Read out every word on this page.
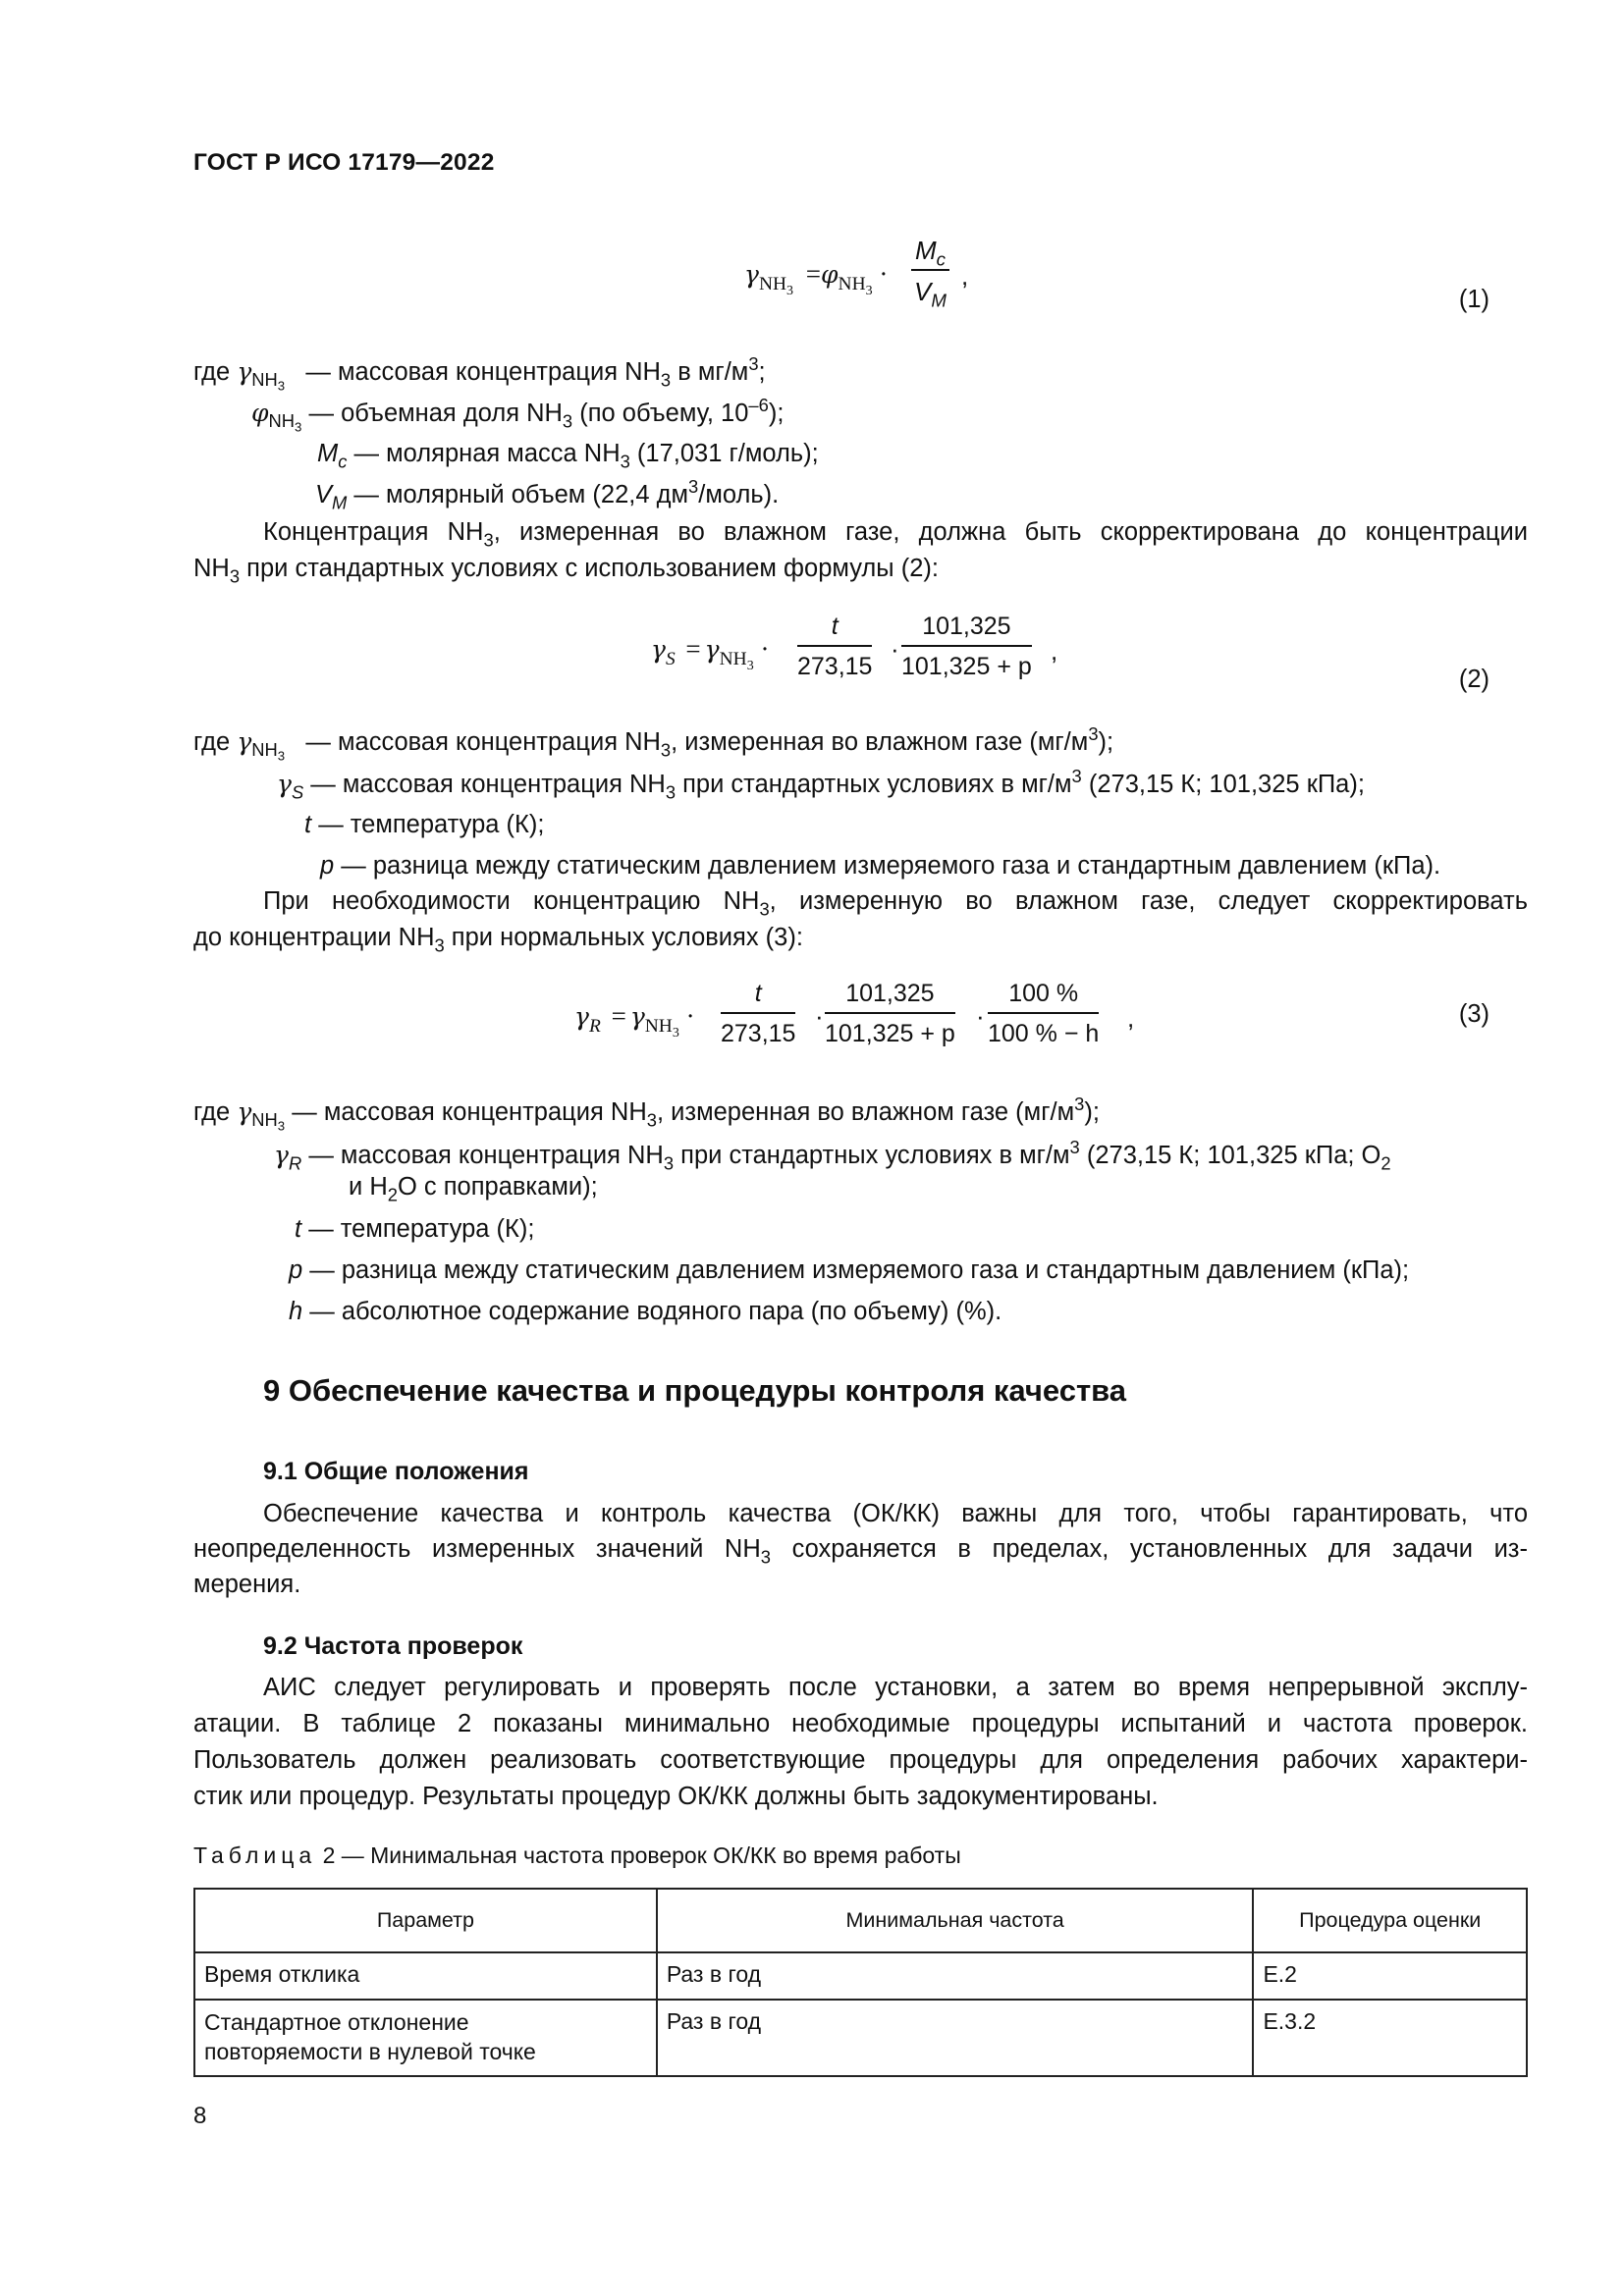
ГОСТ Р ИСО 17179—2022
$\gamma_{NH_3} =\varphi_{NH_3} \cdot \frac{M_c}{V_M}$ ,
(1)
где $\gamma_{NH_3}$   — массовая концентрация $NH_3$ в $мг/м^3$;
$\varphi_{NH_3}$ — объемная доля $NH_3$ (по объему, $10^{-6}$);
$M_c$ — молярная масса $NH_3$ (17,031 г/моль);
$V_M$ — молярный объем (22,4 $дм^3/моль$).
Концентрация $NH_3$, измеренная во влажном газе, должна быть скорректирована до концентрации
$NH_3$ при стандартных условиях с использованием формулы (2):
$\gamma_S = \gamma_{NH_3} \cdot \frac{t}{273,15} \cdot \frac{101,325}{101,325 + p}$ ,
(2)
где $\gamma_{NH_3}$   — массовая концентрация $NH_3$, измеренная во влажном газе $(мг/м^3)$;
$\gamma_S$ — массовая концентрация $NH_3$ при стандартных условиях в $мг/м^3$ (273,15 К; 101,325 кПа);
t — температура (К);
p — разница между статическим давлением измеряемого газа и стандартным давлением (кПа).
При необходимости концентрацию $NH_3$, измеренную во влажном газе, следует скорректировать
до концентрации $NH_3$ при нормальных условиях (3):
$\gamma_R = \gamma_{NH_3} \cdot \frac{t}{273,15} \cdot \frac{101,325}{101,325 + p} \cdot \frac{100 \%}{100 \% - h}$ ,	(3)
где $\gamma_{NH_3}$ — массовая концентрация $NH_3$, измеренная во влажном газе $(мг/м^3)$;
$\gamma_R$ — массовая концентрация $NH_3$ при стандартных условиях в $мг/м^3$ (273,15 К; 101,325 кПа; $O_2$
и $H_2O$ с поправками);
t — температура (К);
p — разница между статическим давлением измеряемого газа и стандартным давлением (кПа);
h — абсолютное содержание водяного пара (по объему) (%).
9 Обеспечение качества и процедуры контроля качества
9.1 Общие положения
Обеспечение качества и контроль качества (ОК/КК) важны для того, чтобы гарантировать, что
неопределенность измеренных значений $NH_3$ сохраняется в пределах, установленных для задачи из-
мерения.
9.2 Частота проверок
АИС следует регулировать и проверять после установки, а затем во время непрерывной эксплу-
атации. В таблице 2 показаны минимально необходимые процедуры испытаний и частота проверок.
Пользователь должен реализовать соответствующие процедуры для определения рабочих характери-
стик или процедур. Результаты процедур ОК/КК должны быть задокументированы.
Таблица 2 — Минимальная частота проверок ОК/КК во время работы
Параметр	Минимальная частота	Процедура оценки
Время отклика	Раз в год	E.2

Стандартное отклонение повторяемости в нулевой точке	Раз в год	E.3.2
8
